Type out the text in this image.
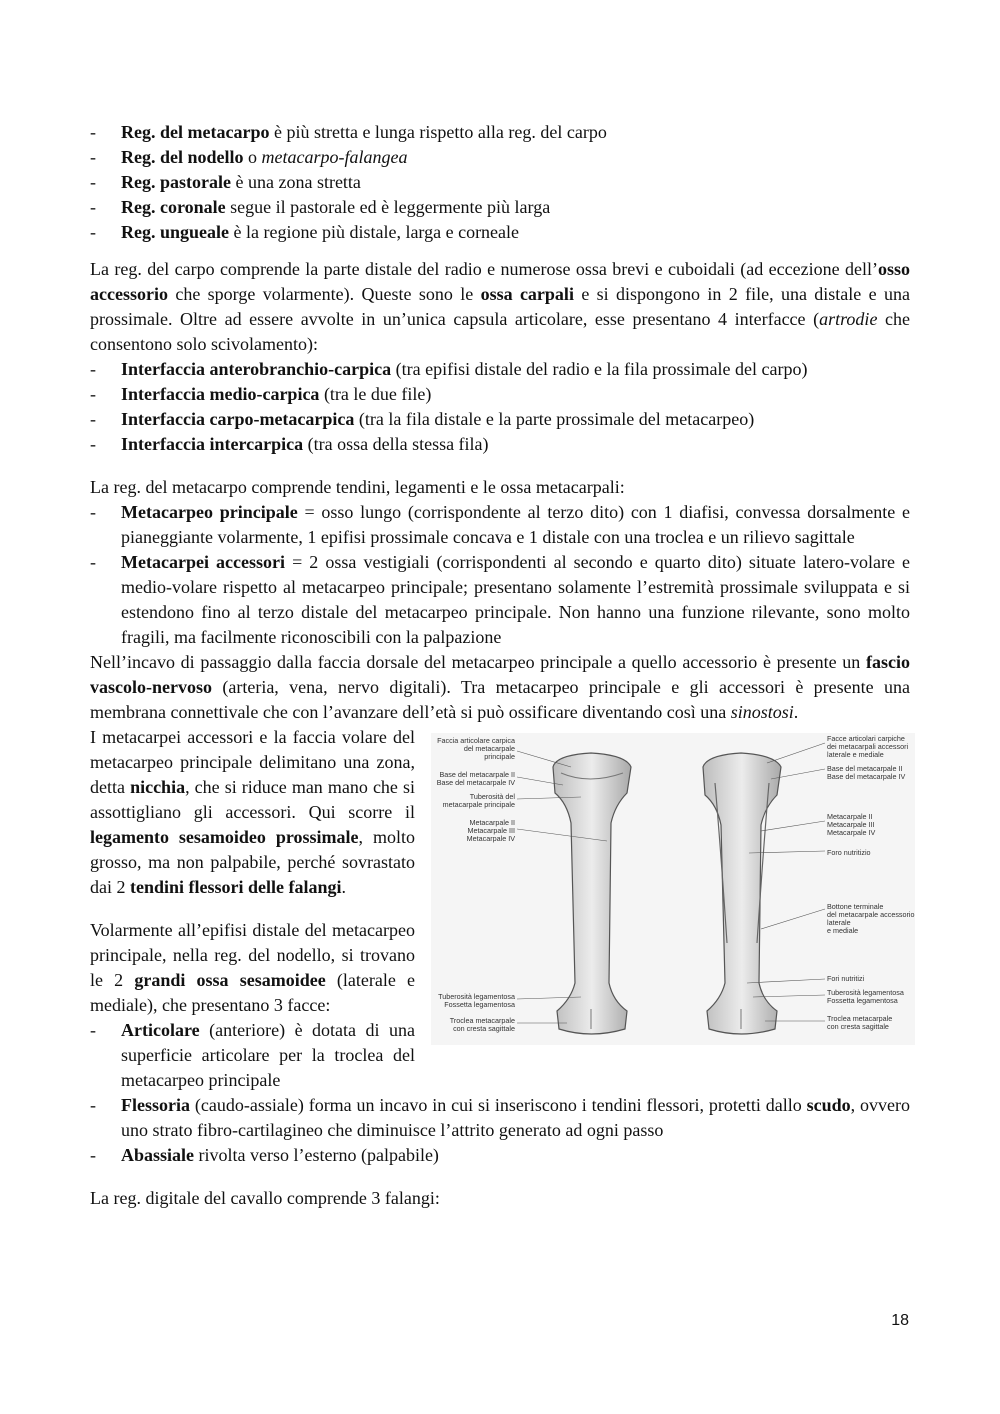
- Reg. del metacarpo è più stretta e lunga rispetto alla reg. del carpo
- Reg. del nodello o metacarpo-falangea
- Reg. pastorale è una zona stretta
- Reg. coronale segue il pastorale ed è leggermente più larga
- Reg. ungueale è la regione più distale, larga e corneale

La reg. del carpo comprende la parte distale del radio e numerose ossa brevi e cuboidali (ad eccezione dell’osso accessorio che sporge volarmente). Queste sono le ossa carpali e si dispongono in 2 file, una distale e una prossimale. Oltre ad essere avvolte in un’unica capsula articolare, esse presentano 4 interfacce (artrodie che consentono solo scivolamento):

- Interfaccia anterobranchio-carpica (tra epifisi distale del radio e la fila prossimale del carpo)
- Interfaccia medio-carpica (tra le due file)
- Interfaccia carpo-metacarpica (tra la fila distale e la parte prossimale del metacarpeo)
- Interfaccia intercarpica (tra ossa della stessa fila)

La reg. del metacarpo comprende tendini, legamenti e le ossa metacarpali:

- Metacarpeo principale = osso lungo (corrispondente al terzo dito) con 1 diafisi, convessa dorsalmente e pianeggiante volarmente, 1 epifisi prossimale concava e 1 distale con una troclea e un rilievo sagittale
- Metacarpei accessori = 2 ossa vestigiali (corrispondenti al secondo e quarto dito) situate latero-volare e medio-volare rispetto al metacarpeo principale; presentano solamente l’estremità prossimale sviluppata e si estendono fino al terzo distale del metacarpeo principale. Non hanno una funzione rilevante, sono molto fragili, ma facilmente riconoscibili con la palpazione

Nell’incavo di passaggio dalla faccia dorsale del metacarpeo principale a quello accessorio è presente un fascio vascolo-nervoso (arteria, vena, nervo digitali). Tra metacarpeo principale e gli accessori è presente una membrana connettivale che con l’avanzare dell’età si può ossificare diventando così una sinostosi.

Faccia articolare carpica
del metacarpale
principale
Base del metacarpale II
Base del metacarpale IV
Tuberosità del
metacarpale principale
Metacarpale II
Metacarpale III
Metacarpale IV
Tuberosità legamentosa
Fossetta legamentosa
Troclea metacarpale
con cresta sagittale
Facce articolari carpiche
dei metacarpali accessori
laterale e mediale
Base del metacarpale II
Base del metacarpale IV
Metacarpale II
Metacarpale III
Metacarpale IV
Foro nutritizio
Bottone terminale
del metacarpale accessorio
laterale
e mediale
Fori nutritizi
Tuberosità legamentosa
Fossetta legamentosa
Troclea metacarpale
con cresta sagittale

I metacarpei accessori e la faccia volare del metacarpeo principale delimitano una zona, detta nicchia, che si riduce man mano che si assottigliano gli accessori. Qui scorre il legamento sesamoideo prossimale, molto grosso, ma non palpabile, perché sovrastato dai 2 tendini flessori delle falangi.

Volarmente all’epifisi distale del metacarpeo principale, nella reg. del nodello, si trovano le 2 grandi ossa sesamoidee (laterale e mediale), che presentano 3 facce:

- Articolare (anteriore) è dotata di una superficie articolare per la troclea del metacarpeo principale
- Flessoria (caudo-assiale) forma un incavo in cui si inseriscono i tendini flessori, protetti dallo scudo, ovvero uno strato fibro-cartilagineo che diminuisce l’attrito generato ad ogni passo
- Abassiale rivolta verso l’esterno (palpabile)

La reg. digitale del cavallo comprende 3 falangi:

18
